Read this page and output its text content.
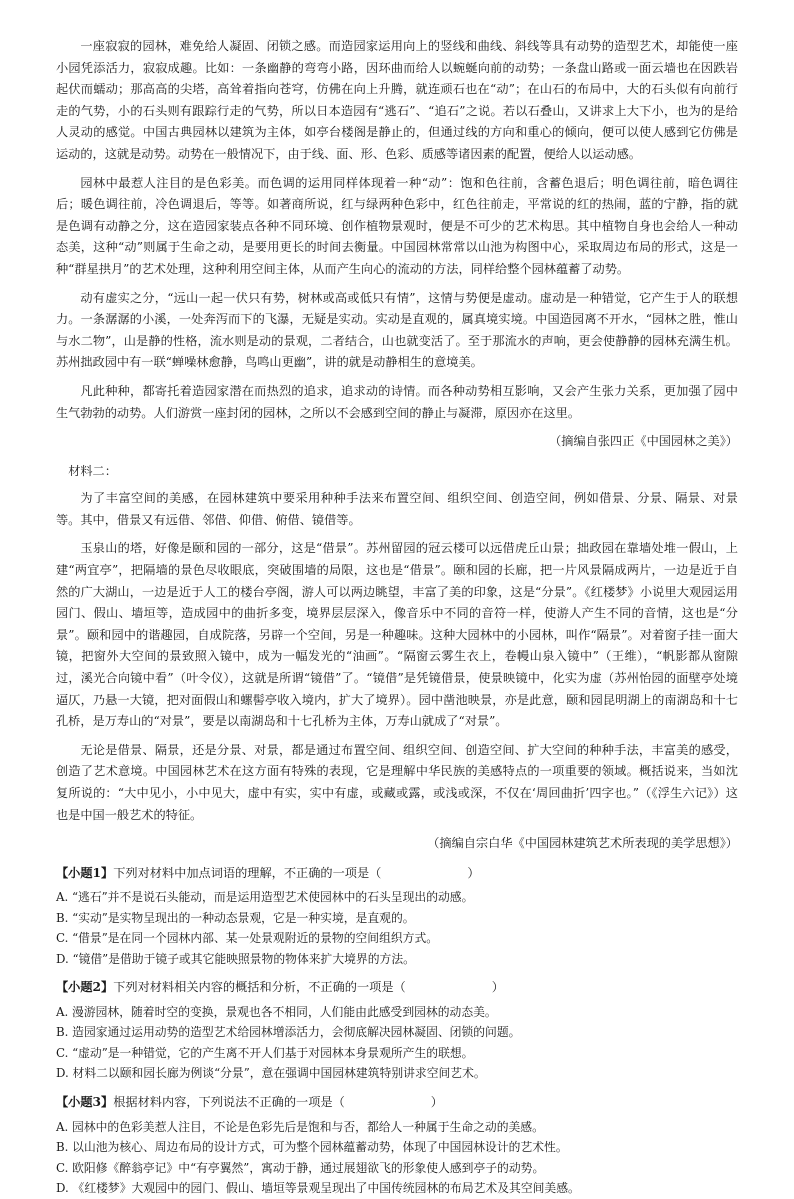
一座寂寂的园林，难免给人凝固、闭锁之感。而造园家运用向上的竖线和曲线、斜线等具有动势的造型艺术，却能使一座小园凭添活力，寂寂成趣。比如：一条幽静的弯弯小路，因环曲而给人以蜿蜒向前的动势；一条盘山路或一面云墙也在因跌岩起伏而蠕动；那高高的尖塔，高耸着指向苍穹，仿佛在向上升腾，就连顽石也在“动”；在山石的布局中，大的石头似有向前行走的气势，小的石头则有跟踪行走的气势，所以日本造园有“逃石”、“追石”之说。若以石叠山，又讲求上大下小，也为的是给人灵动的感觉。中国古典园林以建筑为主体，如亭台楼阁是静止的，但通过线的方向和重心的倾向，便可以使人感到它仿佛是运动的，这就是动势。动势在一般情况下，由于线、面、形、色彩、质感等诸因素的配置，便给人以运动感。

园林中最惹人注目的是色彩美。而色调的运用同样体现着一种“动”：饱和色往前，含蓄色退后；明色调往前，暗色调往后；暖色调往前，冷色调退后，等等。如著商所说，红与绿两种色彩中，红色往前走，平常说的红的热闹，蓝的宁静，指的就是色调有动静之分，这在造园家装点各种不同环境、创作植物景观时，便是不可少的艺术构思。其中植物自身也会给人一种动态美，这种“动”则属于生命之动，是要用更长的时间去衡量。中国园林常常以山池为构图中心，采取周边布局的形式，这是一种“群星拱月”的艺术处理，这种利用空间主体，从而产生向心的流动的方法，同样给整个园林蕴蓄了动势。

动有虚实之分，“远山一起一伏只有势，树林或高或低只有情”，这情与势便是虚动。虚动是一种错觉，它产生于人的联想力。一条潺潺的小溪，一处奔泻而下的飞瀑，无疑是实动。实动是直观的，属真境实境。中国造园离不开水，“园林之胜，惟山与水二物”，山是静的性格，流水则是动的景观，二者结合，山也就变活了。至于那流水的声响，更会使静静的园林充满生机。苏州拙政园中有一联“蝉噪林愈静，鸟鸣山更幽”，讲的就是动静相生的意境美。

凡此种种，都寄托着造园家潜在而热烈的追求，追求动的诗情。而各种动势相互影响，又会产生张力关系，更加强了园中生气勃勃的动势。人们游赏一座封闭的园林，之所以不会感到空间的静止与凝滞，原因亦在这里。

（摘编自张四正《中国园林之美》）

材料二：

为了丰富空间的美感，在园林建筑中要采用种种手法来布置空间、组织空间、创造空间，例如借景、分景、隔景、对景等。其中，借景又有远借、邻借、仰借、俯借、镜借等。

玉泉山的塔，好像是颐和园的一部分，这是“借景”。苏州留园的冠云楼可以远借虎丘山景；拙政园在靠墙处堆一假山，上建“两宜亭”，把隔墙的景色尽收眼底，突破围墙的局限，这也是“借景”。颐和园的长廊，把一片风景隔成两片，一边是近于自然的广大湖山，一边是近于人工的楼台亭阁，游人可以两边眺望，丰富了美的印象，这是“分景”。《红楼梦》小说里大观园运用园门、假山、墙垣等，造成园中的曲折多变，境界层层深入，像音乐中不同的音符一样，使游人产生不同的音情，这也是“分景”。颐和园中的谐趣园，自成院落，另辟一个空间，另是一种趣味。这种大园林中的小园林，叫作“隔景”。对着窗子挂一面大镜，把窗外大空间的景致照入镜中，成为一幅发光的“油画”。“隔窗云雾生衣上，卷幔山泉入镜中”（王维），“帆影都从窗隙过，溪光合向镜中看”（叶令仪），这就是所谓“镜借”了。“镜借”是凭镜借景，使景映镜中，化实为虚（苏州怡园的面壁亭处境逼仄，乃悬一大镜，把对面假山和螺髻亭收入境内，扩大了境界）。园中凿池映景，亦是此意，颐和园昆明湖上的南湖岛和十七孔桥，是万寿山的“对景”，要是以南湖岛和十七孔桥为主体，万寿山就成了“对景”。

无论是借景、隔景，还是分景、对景，都是通过布置空间、组织空间、创造空间、扩大空间的种种手法，丰富美的感受，创造了艺术意境。中国园林艺术在这方面有特殊的表现，它是理解中华民族的美感特点的一项重要的领域。概括说来，当如沈复所说的：“大中见小，小中见大，虚中有实，实中有虚，或藏或露，或浅或深，不仅在‘周回曲折’四字也。”（《浮生六记》）这也是中国一般艺术的特征。

（摘编自宗白华《中国园林建筑艺术所表现的美学思想》）

【小题1】下列对材料中加点词语的理解，不正确的一项是（	）

A. “逃石”并不是说石头能动，而是运用造型艺术使园林中的石头呈现出的动感。
B. “实动”是实物呈现出的一种动态景观，它是一种实境，是直观的。
C. “借景”是在同一个园林内部、某一处景观附近的景物的空间组织方式。
D. “镜借”是借助于镜子或其它能映照景物的物体来扩大境界的方法。

【小题2】下列对材料相关内容的概括和分析，不正确的一项是（	）

A. 漫游园林，随着时空的变换，景观也各不相同，人们能由此感受到园林的动态美。
B. 造园家通过运用动势的造型艺术给园林增添活力，会彻底解决园林凝固、闭锁的问题。
C. “虚动”是一种错觉，它的产生离不开人们基于对园林本身景观所产生的联想。
D. 材料二以颐和园长廊为例谈“分景”，意在强调中国园林建筑特别讲求空间艺术。

【小题3】根据材料内容，下列说法不正确的一项是（	）

A. 园林中的色彩美惹人注目，不论是色彩先后是饱和与否，都给人一种属于生命之动的美感。
B. 以山池为核心、周边布局的设计方式，可为整个园林蕴蓄动势，体现了中国园林设计的艺术性。
C. 欧阳修《醉翁亭记》中“有亭翼然”，寓动于静，通过展翅欲飞的形象使人感到亭子的动势。
D. 《红楼梦》大观园中的园门、假山、墙垣等景观呈现出了中国传统园林的布局艺术及其空间美感。
